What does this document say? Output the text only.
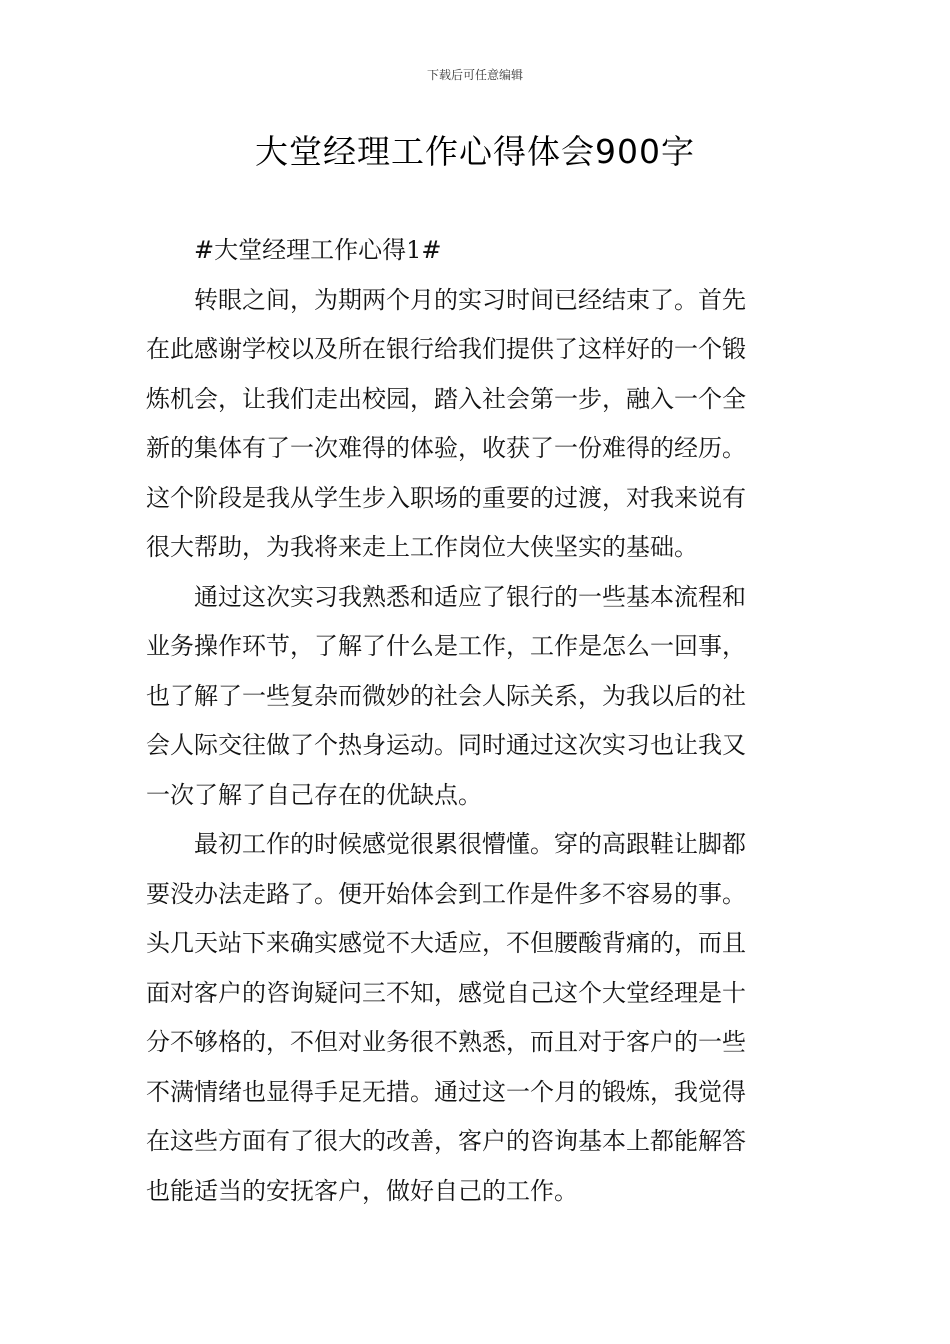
下载后可任意编辑
大堂经理工作心得体会900字
#大堂经理工作心得1#
转眼之间，为期两个月的实习时间已经结束了。首先
在此感谢学校以及所在银行给我们提供了这样好的一个锻
炼机会，让我们走出校园，踏入社会第一步，融入一个全
新的集体有了一次难得的体验，收获了一份难得的经历。
这个阶段是我从学生步入职场的重要的过渡，对我来说有
很大帮助，为我将来走上工作岗位大侠坚实的基础。
通过这次实习我熟悉和适应了银行的一些基本流程和
业务操作环节，了解了什么是工作，工作是怎么一回事，
也了解了一些复杂而微妙的社会人际关系，为我以后的社
会人际交往做了个热身运动。同时通过这次实习也让我又
一次了解了自己存在的优缺点。
最初工作的时候感觉很累很懵懂。穿的高跟鞋让脚都
要没办法走路了。便开始体会到工作是件多不容易的事。
头几天站下来确实感觉不大适应，不但腰酸背痛的，而且
面对客户的咨询疑问三不知，感觉自己这个大堂经理是十
分不够格的，不但对业务很不熟悉，而且对于客户的一些
不满情绪也显得手足无措。通过这一个月的锻炼，我觉得
在这些方面有了很大的改善，客户的咨询基本上都能解答
也能适当的安抚客户，做好自己的工作。
